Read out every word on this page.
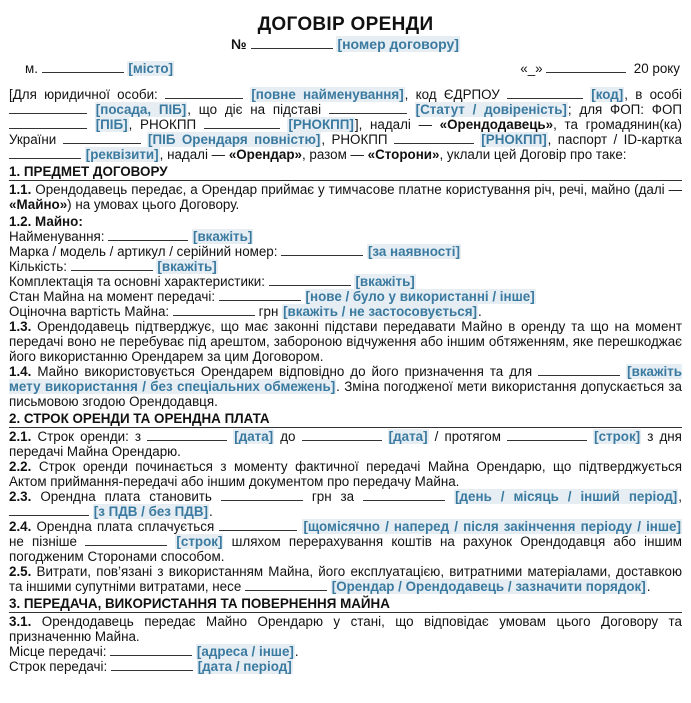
ДОГОВІР ОРЕНДИ
№	[номер договору]
м.	[місто]	«_»	20 року

[Для юридичної особи:	[повне найменування], код ЄДРПОУ	[код], в особі  [посада, ПІБ], що діє на підставі	[Статут / довіреність]; для ФОП: ФОП  [ПІБ], РНОКПП	[РНОКПП]], надалі — «Орендодавець», та громадянин(ка) України	[ПІБ Орендаря повністю], РНОКПП	[РНОКПП], паспорт / ID-картка  [реквізити], надалі — «Орендар», разом — «Сторони», уклали цей Договір про таке:

1. ПРЕДМЕТ ДОГОВОРУ

1.1. Орендодавець передає, а Орендар приймає у тимчасове платне користування річ, речі, майно (далі — «Майно») на умовах цього Договору.

1.2. Майно:
Найменування:	[вкажіть]
Марка / модель / артикул / серійний номер:	[за наявності]
Кількість:	[вкажіть]
Комплектація та основні характеристики:	[вкажіть]
Стан Майна на момент передачі:	[нове / було у використанні / інше]
Оціночна вартість Майна:	грн [вкажіть / не застосовується].

1.3. Орендодавець підтверджує, що має законні підстави передавати Майно в оренду та що на момент передачі воно не перебуває під арештом, забороною відчуження або іншим обтяженням, яке перешкоджає його використанню Орендарем за цим Договором.

1.4. Майно використовується Орендарем відповідно до його призначення та для	[вкажіть мету використання / без спеціальних обмежень]. Зміна погодженої мети використання допускається за письмовою згодою Орендодавця.

2. СТРОК ОРЕНДИ ТА ОРЕНДНА ПЛАТА

2.1. Строк оренди: з	[дата] до	[дата] / протягом	[строк] з дня передачі Майна Орендарю.

2.2. Строк оренди починається з моменту фактичної передачі Майна Орендарю, що підтверджується Актом приймання-передачі або іншим документом про передачу Майна.

2.3. Орендна плата становить	грн за	[день / місяць / інший період],  [з ПДВ / без ПДВ].

2.4. Орендна плата сплачується	[щомісячно / наперед / після закінчення періоду / інше] не пізніше	[строк] шляхом перерахування коштів на рахунок Орендодавця або іншим погодженим Сторонами способом.

2.5. Витрати, пов’язані з використанням Майна, його експлуатацією, витратними матеріалами, доставкою та іншими супутніми витратами, несе	[Орендар / Орендодавець / зазначити порядок].

3. ПЕРЕДАЧА, ВИКОРИСТАННЯ ТА ПОВЕРНЕННЯ МАЙНА

3.1. Орендодавець передає Майно Орендарю у стані, що відповідає умовам цього Договору та призначенню Майна.

Місце передачі:	[адреса / інше].
Строк передачі:	[дата / період]
